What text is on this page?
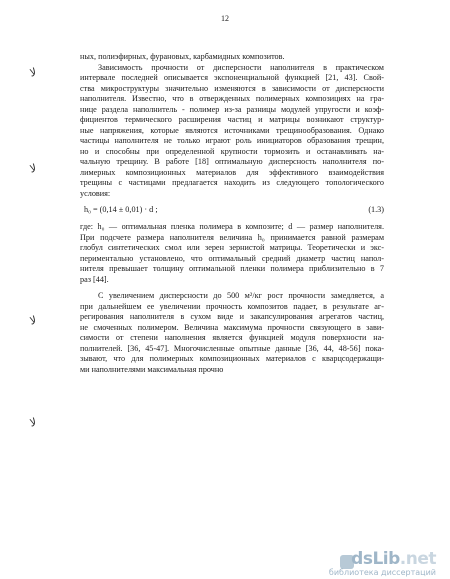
12
ﻻ
ﻻ
ﻻ
ﻻ
ных, полиэфирных, фурановых, карбамидных композитов.
Зависимость прочности от дисперсности наполнителя в практическом
интервале последней описывается экспоненциальной функцией [21, 43]. Свой-
ства микроструктуры значительно изменяются в зависимости от дисперсности
наполнителя. Известно, что в отвержденных полимерных композициях на гра-
нице раздела наполнитель - полимер из-за разницы модулей упругости и коэф-
фициентов термического расширения частиц и матрицы возникают структур-
ные напряжения, которые являются источниками трещинообразования. Однако
частицы наполнителя не только играют роль инициаторов образования трещин,
но и способны при определенной крупности тормозить и останавливать на-
чальную трещину. В работе [18] оптимальную дисперсность наполнителя по-
лимерных композиционных материалов для эффективного взаимодействия
трещины с частицами предлагается находить из следующего топологического
условия:
h₀ = (0,14 ± 0,01) · d ;	(1.3)
где: h₀ — оптимальная пленка полимера в композите; d — размер наполнителя.
При подсчете размера наполнителя величина h₀ принимается равной размерам
глобул синтетических смол или зерен зернистой матрицы. Теоретически и экс-
периментально установлено, что оптимальный средний диаметр частиц напол-
нителя превышает толщину оптимальной пленки полимера приблизительно в 7
раз [44].
С увеличением дисперсности до 500 м²/кг рост прочности замедляется, а
при дальнейшем ее увеличении прочность композитов падает, в результате аг-
регирования наполнителя в сухом виде и закапсулирования агрегатов частиц,
не смоченных полимером. Величина максимума прочности связующего в зави-
симости от степени наполнения является функцией модуля поверхности на-
полнителей. [36, 45-47]. Многочисленные опытные данные [36, 44, 48-56] пока-
зывают, что для полимерных композиционных материалов с кварцсодержащи-
ми наполнителями максимальная прочно
dsLib.net
библиотека диссертаций
